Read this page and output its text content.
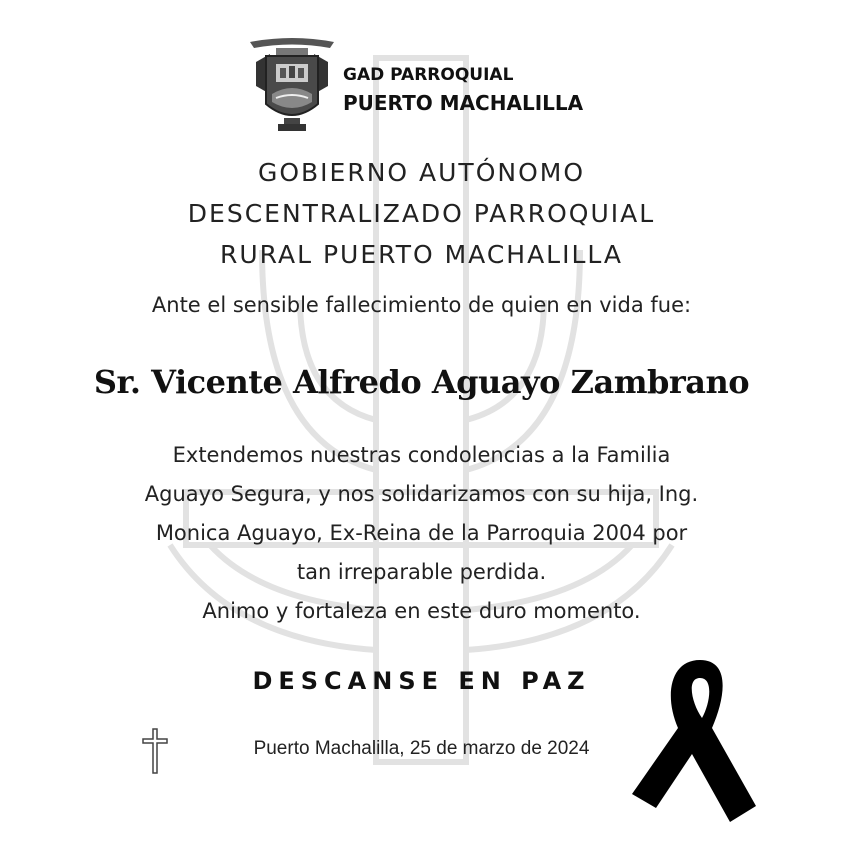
GAD PARROQUIAL
PUERTO MACHALILLA
GOBIERNO AUTÓNOMO
DESCENTRALIZADO PARROQUIAL
RURAL PUERTO MACHALILLA
Ante el sensible fallecimiento de quien en vida fue:
Sr. Vicente Alfredo Aguayo Zambrano
Extendemos nuestras condolencias a la Familia
Aguayo Segura, y nos solidarizamos con su hija, Ing.
Monica Aguayo, Ex-Reina de la Parroquia 2004 por
tan irreparable perdida.
Animo y fortaleza en este duro momento.
DESCANSE EN PAZ
Puerto Machalilla, 25 de marzo de 2024
